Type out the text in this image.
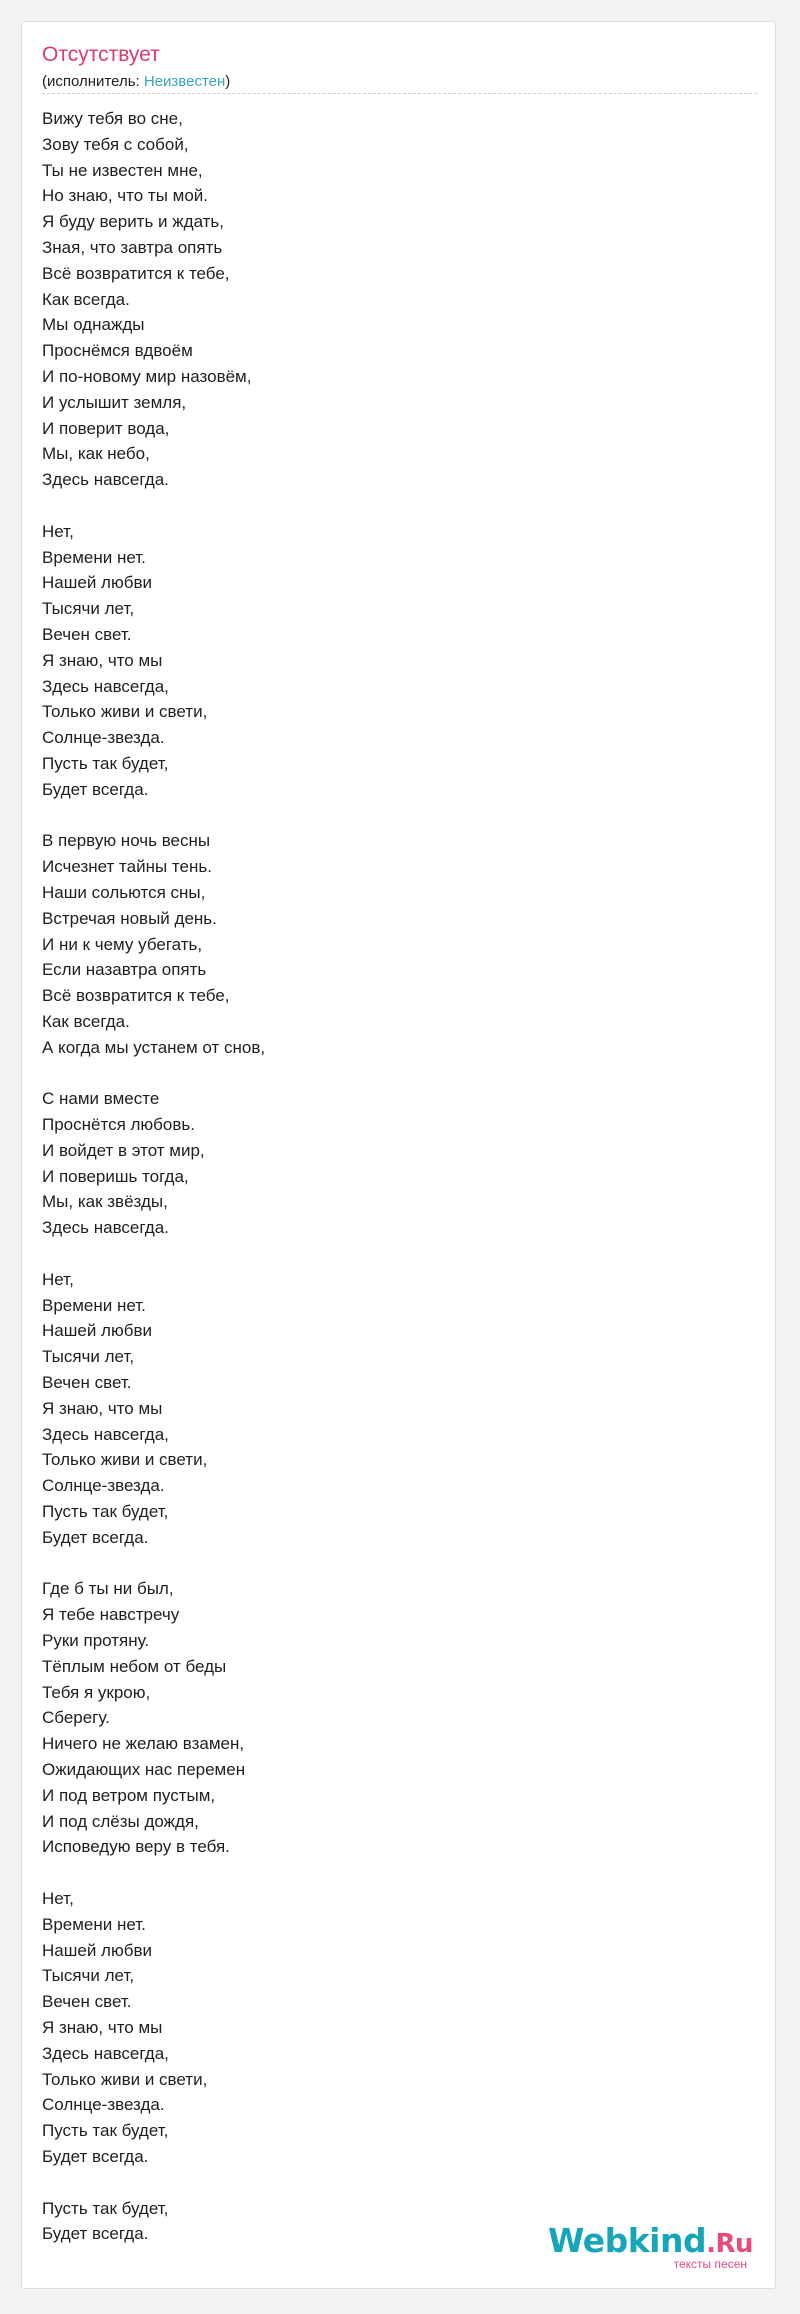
Отсутствует
(исполнитель: Неизвестен)
Вижу тебя во сне,
Зову тебя с собой,
Ты не известен мне,
Но знаю, что ты мой.
Я буду верить и ждать,
Зная, что завтра опять
Всё возвратится к тебе,
Как всегда.
Мы однажды
Проснёмся вдвоём
И по-новому мир назовём,
И услышит земля,
И поверит вода,
Мы, как небо,
Здесь навсегда.
Нет,
Времени нет.
Нашей любви
Тысячи лет,
Вечен свет.
Я знаю, что мы
Здесь навсегда,
Только живи и свети,
Солнце-звезда.
Пусть так будет,
Будет всегда.
В первую ночь весны
Исчезнет тайны тень.
Наши сольются сны,
Встречая новый день.
И ни к чему убегать,
Если назавтра опять
Всё возвратится к тебе,
Как всегда.
А когда мы устанем от снов,
С нами вместе
Проснётся любовь.
И войдет в этот мир,
И поверишь тогда,
Мы, как звёзды,
Здесь навсегда.
Нет,
Времени нет.
Нашей любви
Тысячи лет,
Вечен свет.
Я знаю, что мы
Здесь навсегда,
Только живи и свети,
Солнце-звезда.
Пусть так будет,
Будет всегда.
Где б ты ни был,
Я тебе навстречу
Руки протяну.
Тёплым небом от беды
Тебя я укрою,
Сберегу.
Ничего не желаю взамен,
Ожидающих нас перемен
И под ветром пустым,
И под слёзы дождя,
Исповедую веру в тебя.
Нет,
Времени нет.
Нашей любви
Тысячи лет,
Вечен свет.
Я знаю, что мы
Здесь навсегда,
Только живи и свети,
Солнце-звезда.
Пусть так будет,
Будет всегда.
Пусть так будет,
Будет всегда.	Webkind.Ru
тексты песен
